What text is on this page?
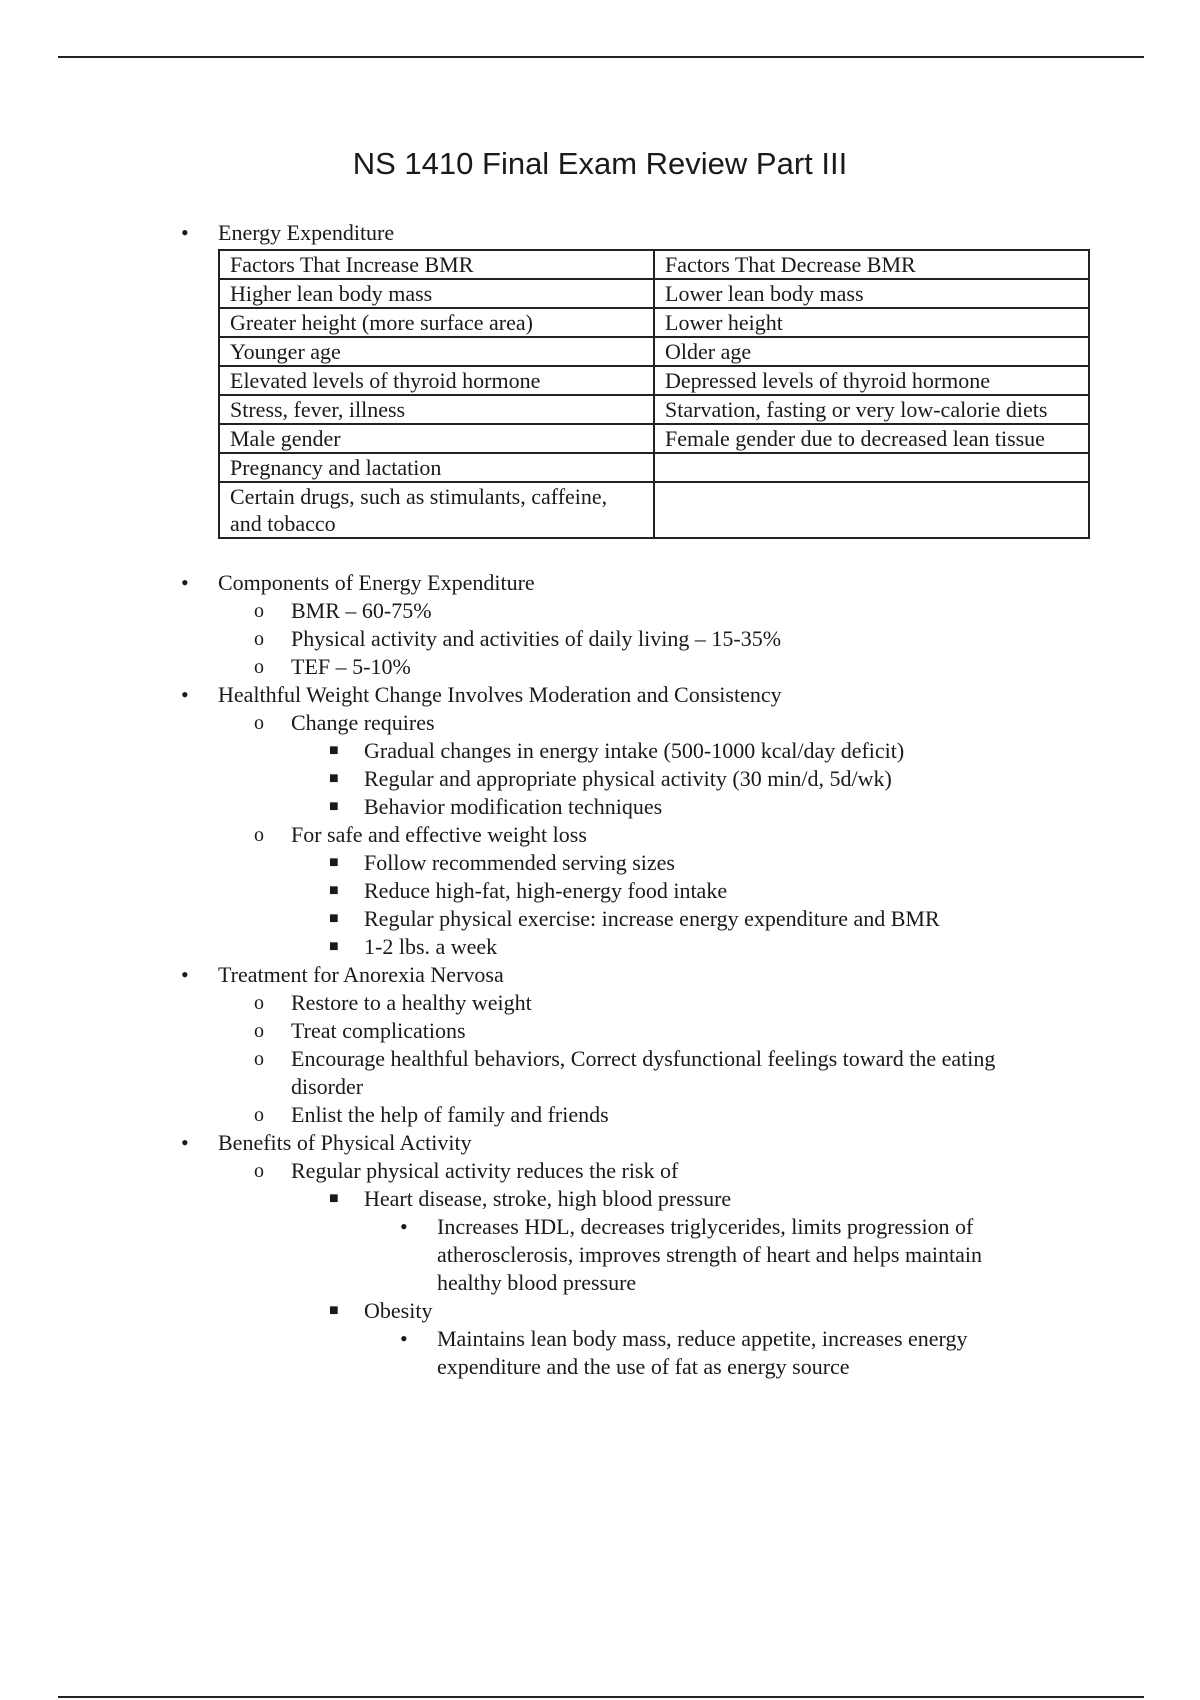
NS 1410 Final Exam Review Part III
• Energy Expenditure
Factors That Increase BMR	Factors That Decrease BMR
Higher lean body mass	Lower lean body mass
Greater height (more surface area)	Lower height
Younger age	Older age
Elevated levels of thyroid hormone	Depressed levels of thyroid hormone
Stress, fever, illness	Starvation, fasting or very low-calorie diets
Male gender	Female gender due to decreased lean tissue
Pregnancy and lactation	
Certain drugs, such as stimulants, caffeine, and tobacco	
• Components of Energy Expenditure
o BMR – 60-75%
o Physical activity and activities of daily living – 15-35%
o TEF – 5-10%
• Healthful Weight Change Involves Moderation and Consistency
o Change requires
■ Gradual changes in energy intake (500-1000 kcal/day deficit)
■ Regular and appropriate physical activity (30 min/d, 5d/wk)
■ Behavior modification techniques
o For safe and effective weight loss
■ Follow recommended serving sizes
■ Reduce high-fat, high-energy food intake
■ Regular physical exercise: increase energy expenditure and BMR
■ 1-2 lbs. a week
• Treatment for Anorexia Nervosa
o Restore to a healthy weight
o Treat complications
o Encourage healthful behaviors, Correct dysfunctional feelings toward the eating disorder
o Enlist the help of family and friends
• Benefits of Physical Activity
o Regular physical activity reduces the risk of
■ Heart disease, stroke, high blood pressure
• Increases HDL, decreases triglycerides, limits progression of atherosclerosis, improves strength of heart and helps maintain healthy blood pressure
■ Obesity
• Maintains lean body mass, reduce appetite, increases energy expenditure and the use of fat as energy source
